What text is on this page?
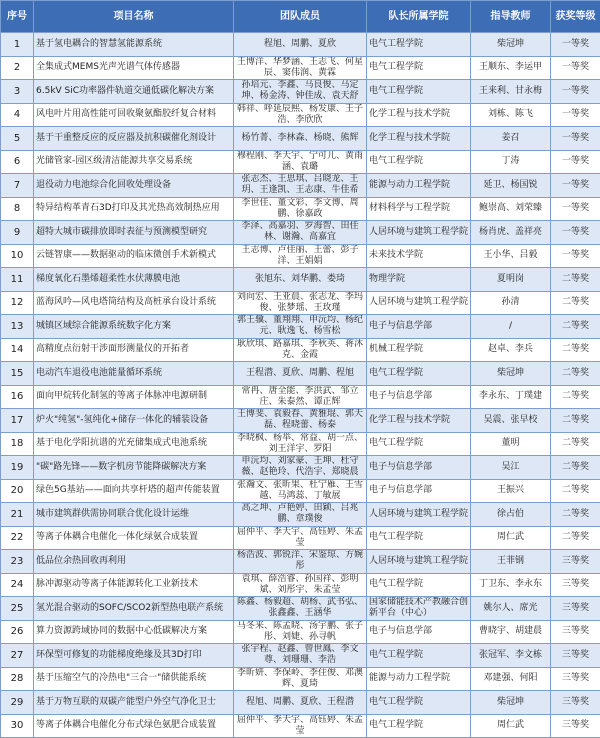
序号	项目名称	团队成员	队长所属学院	指导教师	获奖等级
1	基于氢电耦合的智慧氢能源系统	程旭、周鹏、夏欣	电气工程学院	柴冠坤	一等奖
2	全集成式MEMS光声光谱气体传感器	王博洋、华梦涵、王志飞、何星辰、窦伟润、黄霖	电气工程学院	王顺东、李运甲	一等奖
3	6.5kV SiC功率器件轨道交通低碳化解决方案	孙培元、李鑫、马良俊、马定坤、杨金涛、钟佳成、袁天舒	电气工程学院	王来利、甘永梅	一等奖
4	风电叶片用高性能可回收聚氨酯胶纤复合材料	韩祥、呼延辰熙、杨发康、王子浩、李欣欣	化学工程与技术学院	刘栋、陈飞	一等奖
5	基于干重整反应的反应器及抗积碳催化剂设计	杨竹菁、李林森、杨晓、熊辉	化学工程与技术学院	姜召	一等奖
6	光储管家-园区级清洁能源共享交易系统	穆程刚、李天宇、宁可儿、黄雨涵、袁璐	电气工程学院	丁涛	一等奖
7	退役动力电池综合化回收处理设备	张志杰、王思琪、吕晓龙、王玥、王逢凯、王志康、牛佳希	能源与动力工程学院	延卫、杨国锐	一等奖
8	特异结构革青石3D打印及其光热高效制热应用	李世佳、董文彩、李文博、周鹏、徐嘉政	材料科学与工程学院	鲍崇高、刘荣臻	一等奖
9	超特大城市碳排放即时表征与预测模型研究	李泽、高嘉羽、罗海智、田佳林、谢瀚、高嘉宜	人居环境与建筑工程学院	杨肖虎、盖祥亮	一等奖
10	云链智康——数据驱动的临床微创手术新模式	王志博、卢佳丽、王蕾、彭子洋、王娟娟	未来技术学院	王小华、吕毅	一等奖
11	梯度氧化石墨烯超柔性水伏薄膜电池	张旭东、刘华鹏、娄琦	物理学院	夏明岗	二等奖
12	蓝海风吟—风电塔筒结构及高桩承台设计系统	刘向宏、王亚晨、张志龙、李玛俊、张梦瑶、王玫瑾	人居环境与建筑工程学院	孙清	二等奖
13	城镇区域综合能源系统数字化方案	郭王骥、董翔翔、申沅均、杨纪元、耿逸飞、杨雪松	电子与信息学部	/	二等奖
14	高精度点衍射干涉面形测量仪的开拓者	耿欣琪、路嘉琪、李秋英、蒋沐克、金霞	机械工程学院	赵卓、李兵	二等奖
15	电动汽车退役电池能量循环系统	王程潜、夏欣、周鹏、程旭	电气工程学院	柴冠坤	二等奖
16	面向甲烷转化制氢的等离子体脉冲电源研制	常冉、唐全能、李洪武、邹立庄、朱泰然、谭正辉	电子与信息学部	李永东、丁璞建	二等奖
17	炉火"纯氢"-氢纯化+储存一体化的辅装设备	王博斐、袁毅春、黄雅琨、郭天磊、程晓蕾、杨泰	化学工程与技术学院	吴震、张早校	二等奖
18	基于电化学阳抗谱的光充储集成式电池系统	李晓枫、杨举、常益、胡一点、刘王洋宇、罗阳	电气工程学院	董明	二等奖
19	"碳"路先锋——数字机房节能降碳解决方案	申沅均、刘家豪、王坤、杜守薇、赵艳玲、代浩宇、郑晓晨	电子与信息学部	吴江	二等奖
20	绿色5G基站——面向共享杆塔的超声传能装置	张瀚文、张昕果、杜宁雁、王雪越、马鸿蕊、丁敏展	电子与信息学部	王振兴	二等奖
21	城市建筑群供需协同联合优化设计运维	高之坤、卢艳婷、田颖、吕兆鹏、章璞俊	人居环境与建筑工程学院	徐占伯	二等奖
22	等离子体耦合电催化一体化绿氨合成装置	屈仲平、李天宇、高钰婷、朱孟莹	电气工程学院	周仁武	二等奖
23	低品位余热回收再利用	杨浩波、郭锐洋、宋鉴琼、方婉彤	人居环境与建筑工程学院	王菲钢	三等奖
24	脉冲源驱动等离子体能源转化工业新技术	袁琪、薛浩睿、孙国祥、彭明斌、刘彤宇、朱孟莹	电气工程学院	丁卫东、李永东	三等奖
25	氢光混合驱动的SOFC/SCO2新型热电联产系统	陈鑫、杨毅超、胡杨、武书弘、张鑫鑫、王涵华	国家储能技术产教融合创新平台（中心）	姚尔人、席光	三等奖
26	算力资源跨域协同的数据中心低碳解决方案	马冬来、陈孟晓、汤宇鹏、张子彤、刘婕、孙寻帆	电子与信息学部	曹晓宇、胡建晨	三等奖
27	环保型可修复的功能梯度绝缘及其3D打印	张宇程、赵鑫、曾世鳳、李文尊、刘珊珊、李浩	电气工程学院	张冠军、李文栋	三等奖
28	基于压缩空气的冷热电"三合一"储供能系统	李昕妍、李保岭、李住俊、邓澳辉、夏琦	能源与动力工程学院	邓建强、何阳	三等奖
29	基于万物互联的双碳产能型户外空气净化卫士	程旭、周鹏、夏欣、王程潜	电气工程学院	柴冠坤	三等奖
30	等离子体耦合电催化分布式绿色氨肥合成装置	屈仲平、李天宇、高钰婷、朱孟莹	电气工程学院	周仁武	三等奖
